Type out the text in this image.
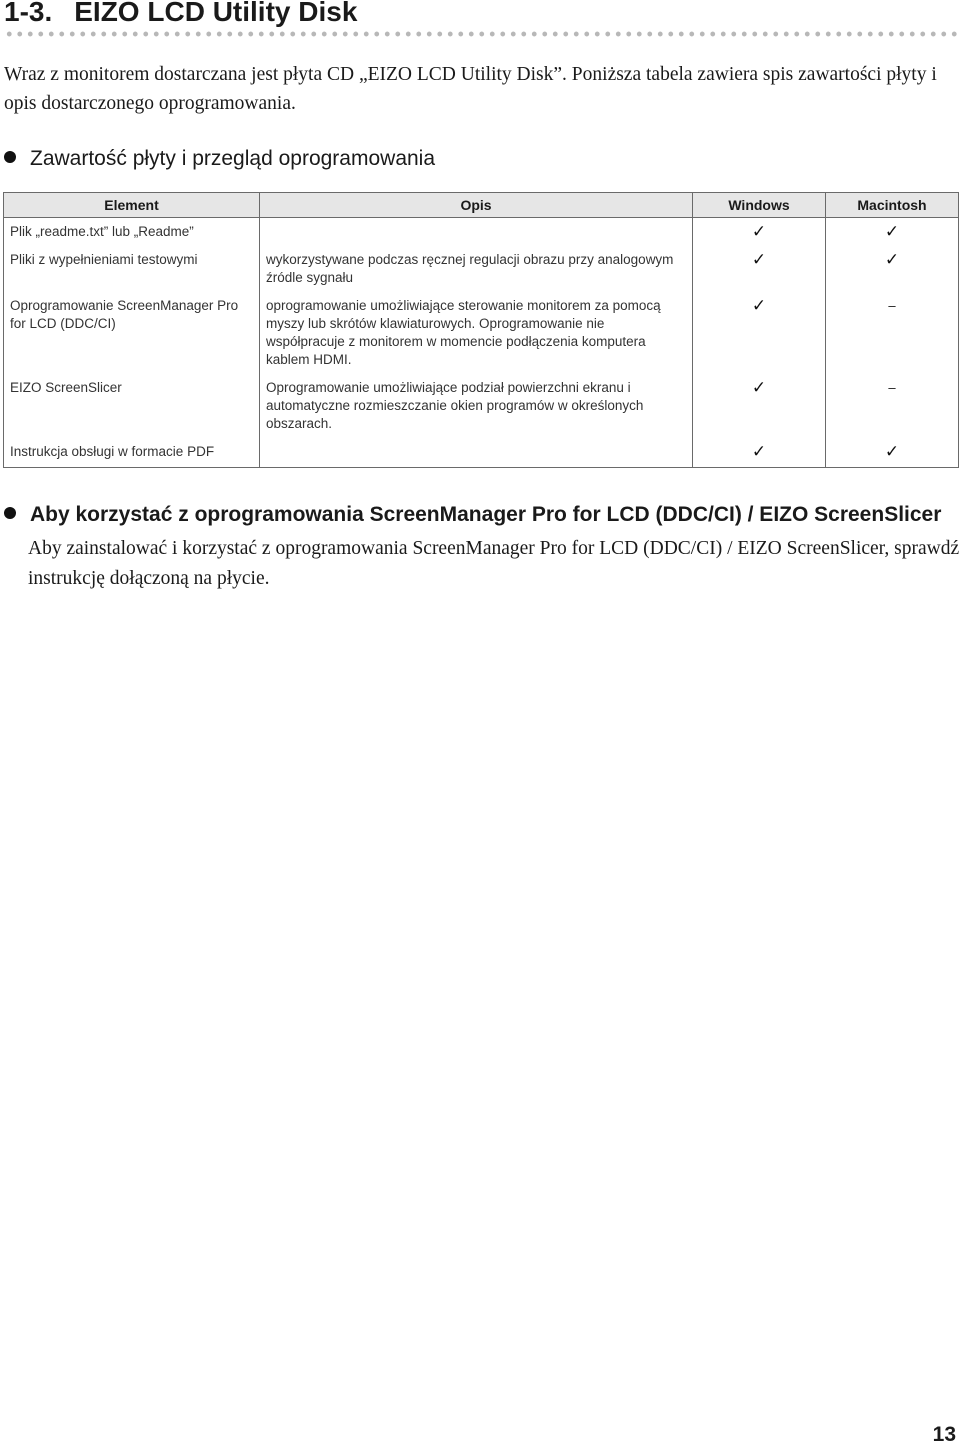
1-3. EIZO LCD Utility Disk

Wraz z monitorem dostarczana jest płyta CD „EIZO LCD Utility Disk”. Poniższa tabela zawiera spis zawartości płyty i opis dostarczonego oprogramowania.

Zawartość płyty i przegląd oprogramowania
Element	Opis	Windows	Macintosh
Plik „readme.txt” lub „Readme”		✓	✓
Pliki z wypełnieniami testowymi	wykorzystywane podczas ręcznej regulacji obrazu przy analogowym źródle sygnału	✓	✓
Oprogramowanie ScreenManager Pro for LCD (DDC/CI)	oprogramowanie umożliwiające sterowanie monitorem za pomocą myszy lub skrótów klawiaturowych. Oprogramowanie nie współpracuje z monitorem w momencie podłączenia komputera kablem HDMI.	✓	–
EIZO ScreenSlicer	Oprogramowanie umożliwiające podział powierzchni ekranu i automatyczne rozmieszczanie okien programów w określonych obszarach.	✓	–
Instrukcja obsługi w formacie PDF		✓	✓
Aby korzystać z oprogramowania ScreenManager Pro for LCD (DDC/CI) / EIZO ScreenSlicer

Aby zainstalować i korzystać z oprogramowania ScreenManager Pro for LCD (DDC/CI) / EIZO ScreenSlicer, sprawdź instrukcję dołączoną na płycie.

13
